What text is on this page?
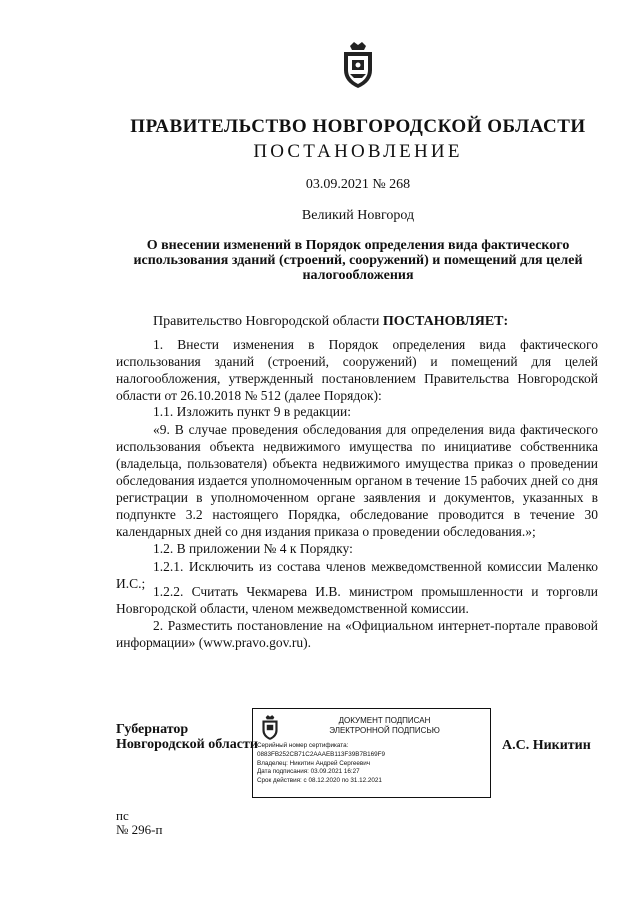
ПРАВИТЕЛЬСТВО НОВГОРОДСКОЙ ОБЛАСТИ
ПОСТАНОВЛЕНИЕ
03.09.2021 № 268
Великий Новгород
О внесении изменений в Порядок определения вида фактического использования зданий (строений, сооружений) и помещений для целей налогообложения
Правительство Новгородской области ПОСТАНОВЛЯЕТ:
1. Внести изменения в Порядок определения вида фактического использования зданий (строений, сооружений) и помещений для целей налогообложения, утвержденный постановлением Правительства Новгородской области от 26.10.2018 № 512 (далее Порядок):
1.1. Изложить пункт 9 в редакции:
«9. В случае проведения обследования для определения вида фактического использования объекта недвижимого имущества по инициативе собственника (владельца, пользователя) объекта недвижимого имущества приказ о проведении обследования издается уполномоченным органом в течение 15 рабочих дней со дня регистрации в уполномоченном органе заявления и документов, указанных в подпункте 3.2 настоящего Порядка, обследование проводится в течение 30 календарных дней со дня издания приказа о проведении обследования.»;
1.2. В приложении № 4 к Порядку:
1.2.1. Исключить из состава членов межведомственной комиссии Маленко И.С.;
1.2.2. Считать Чекмарева И.В. министром промышленности и торговли Новгородской области, членом межведомственной комиссии.
2. Разместить постановление на «Официальном интернет-портале правовой информации» (www.pravo.gov.ru).
Губернатор
Новгородской области
ДОКУМЕНТ ПОДПИСАН
ЭЛЕКТРОННОЙ ПОДПИСЬЮ
Серийный номер сертификата:
0883FB252CB71C2AAAEB113F39B7B169F9
Владелец: Никитин Андрей Сергеевич
Дата подписания: 03.09.2021 16:27
Срок действия: с 08.12.2020 по 31.12.2021
А.С. Никитин
пс
№ 296-п
